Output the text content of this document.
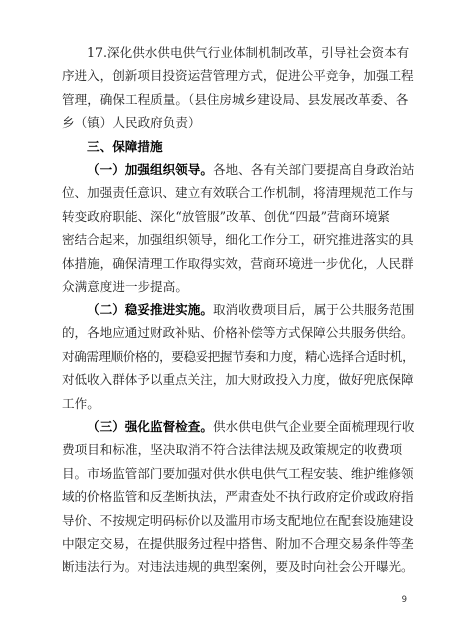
17.深化供水供电供气行业体制机制改革，引导社会资本有
序进入，创新项目投资运营管理方式，促进公平竞争，加强工程
管理，确保工程质量。（县住房城乡建设局、县发展改革委、各
乡（镇）人民政府负责）
三、保障措施
（一）加强组织领导。各地、各有关部门要提高自身政治站
位、加强责任意识、建立有效联合工作机制，将清理规范工作与
转变政府职能、深化“放管服”改革、创优“四最”营商环境紧
密结合起来，加强组织领导，细化工作分工，研究推进落实的具
体措施，确保清理工作取得实效，营商环境进一步优化，人民群
众满意度进一步提高。
（二）稳妥推进实施。取消收费项目后，属于公共服务范围
的，各地应通过财政补贴、价格补偿等方式保障公共服务供给。
对确需理顺价格的，要稳妥把握节奏和力度，精心选择合适时机，
对低收入群体予以重点关注，加大财政投入力度，做好兜底保障
工作。
（三）强化监督检查。供水供电供气企业要全面梳理现行收
费项目和标准，坚决取消不符合法律法规及政策规定的收费项
目。市场监管部门要加强对供水供电供气工程安装、维护维修领
域的价格监管和反垄断执法，严肃查处不执行政府定价或政府指
导价、不按规定明码标价以及滥用市场支配地位在配套设施建设
中限定交易，在提供服务过程中搭售、附加不合理交易条件等垄
断违法行为。对违法违规的典型案例，要及时向社会公开曝光。
9
